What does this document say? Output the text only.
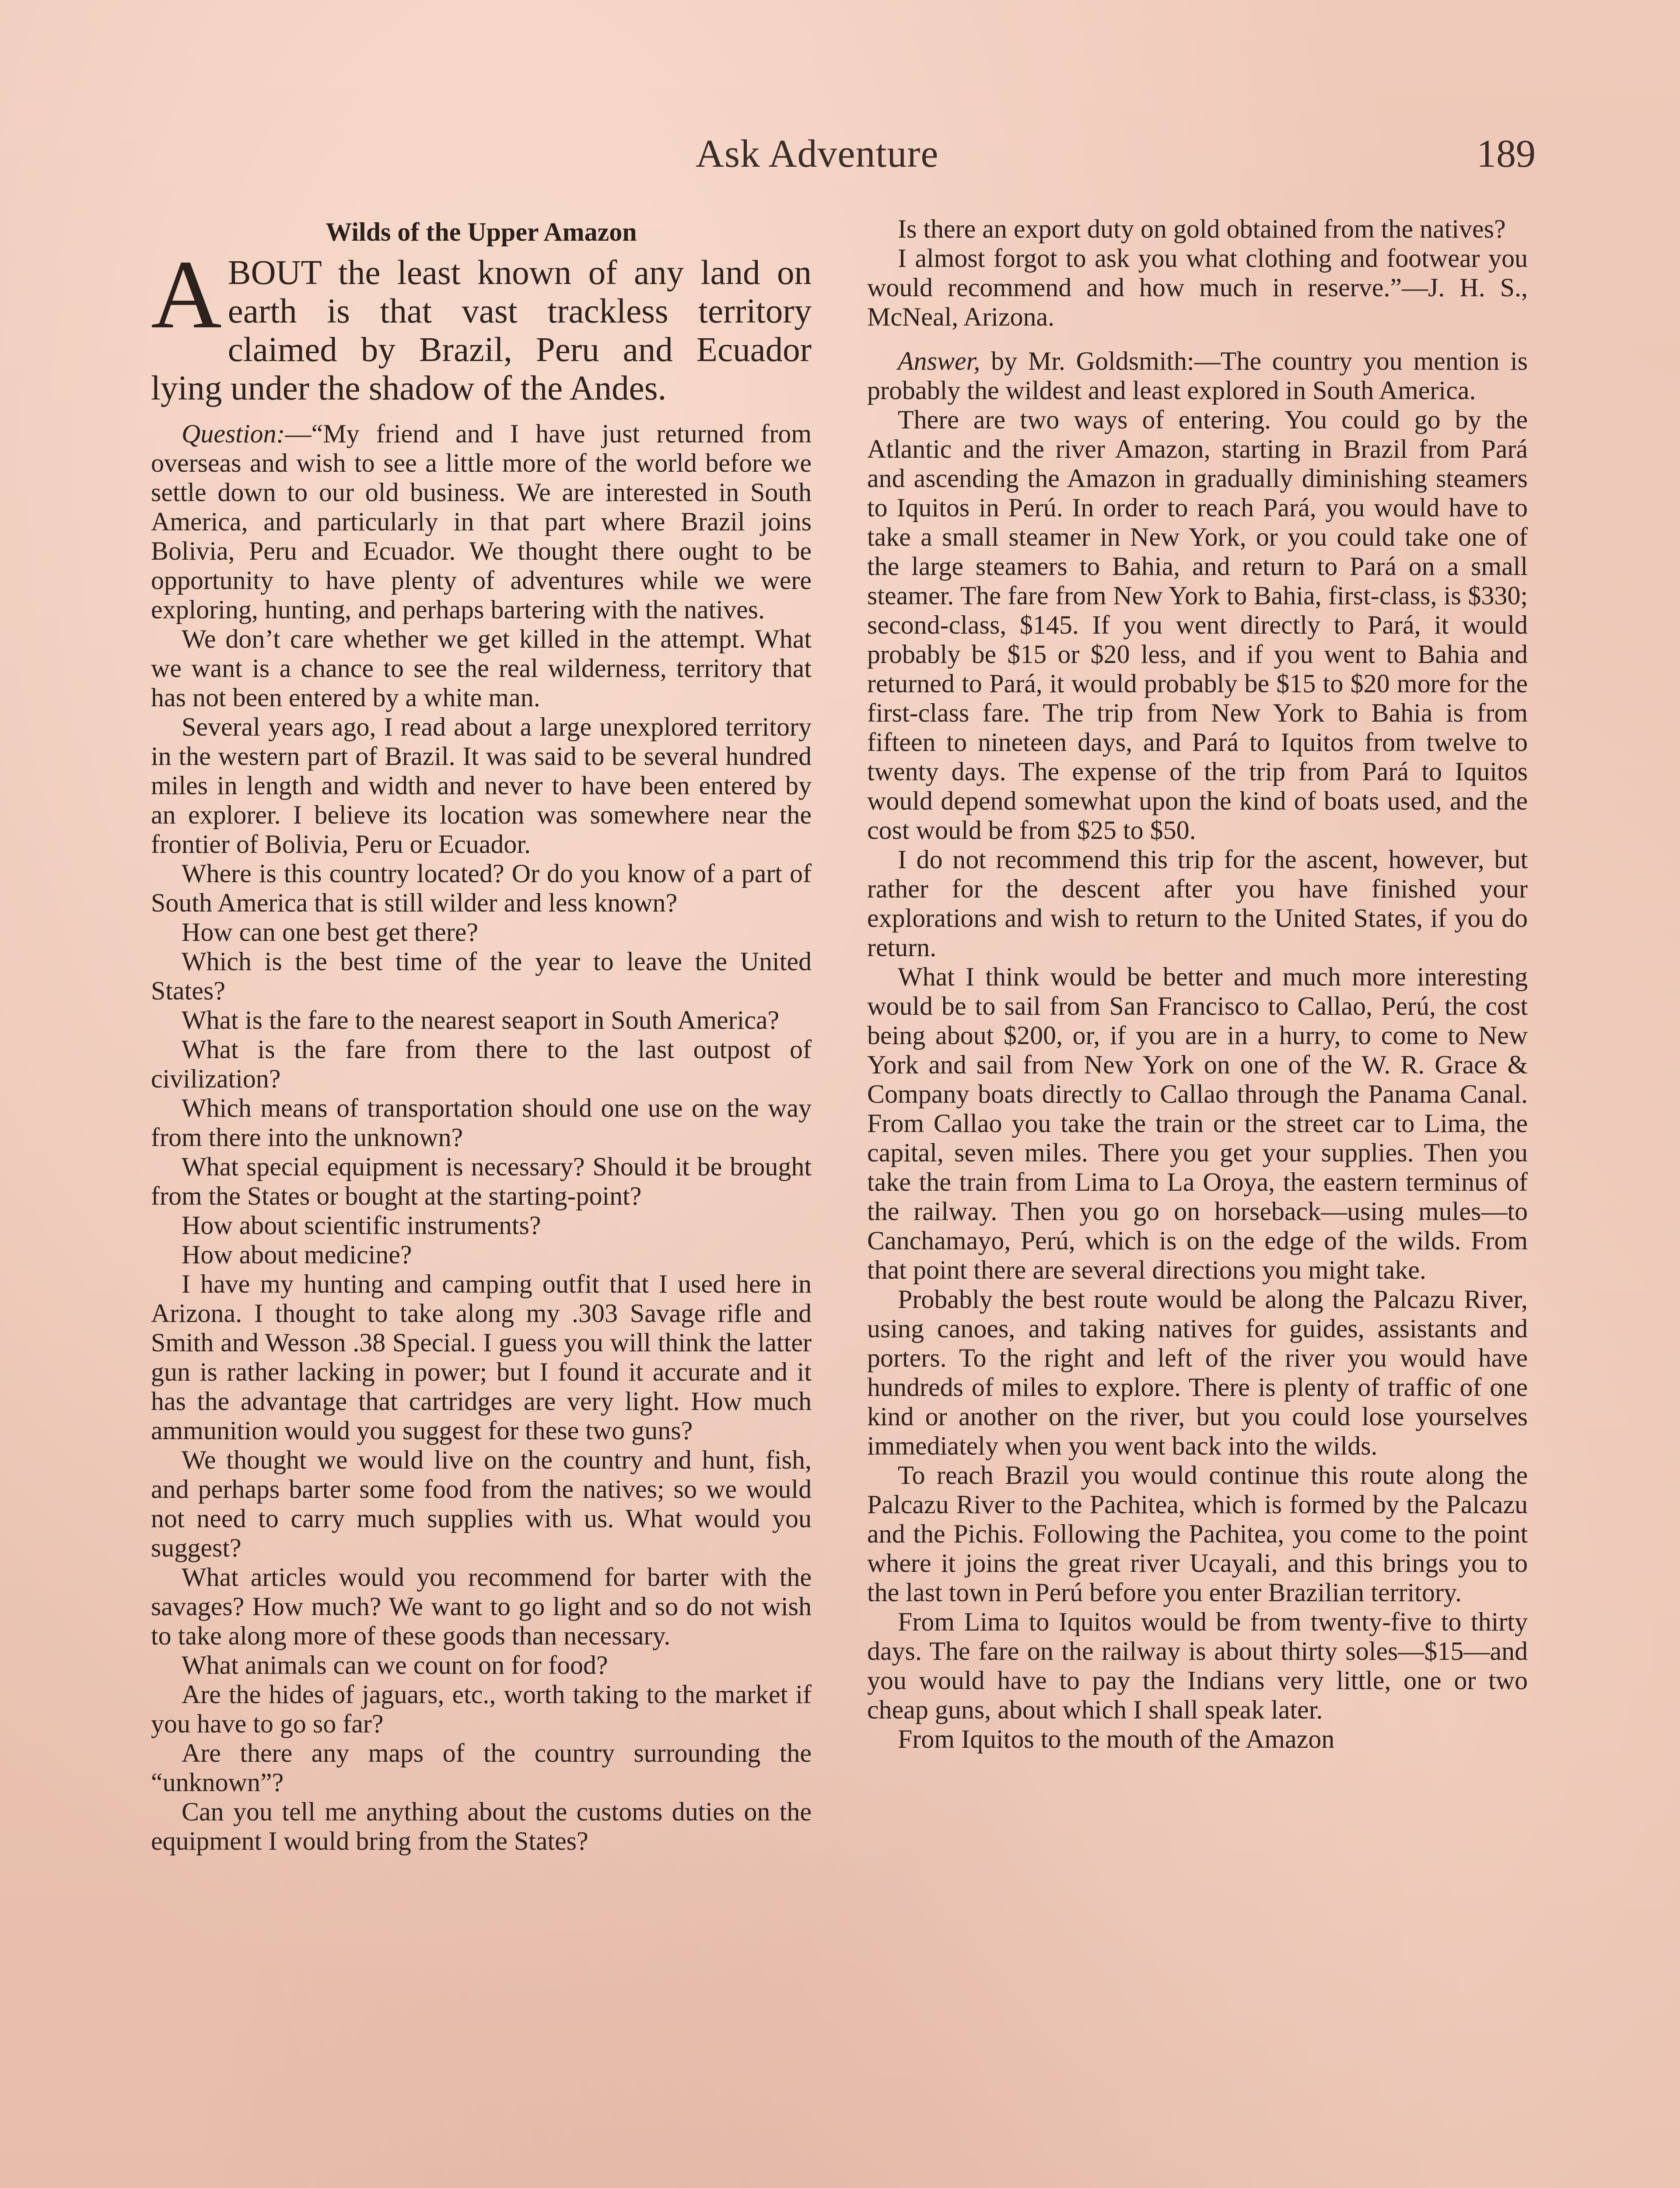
Ask Adventure	189
Wilds of the Upper Amazon

ABOUT the least known of any land on earth is that vast trackless territory claimed by Brazil, Peru and Ecuador lying under the shadow of the Andes.

Question:—“My friend and I have just returned from overseas and wish to see a little more of the world before we settle down to our old business. We are interested in South America, and particularly in that part where Brazil joins Bolivia, Peru and Ecuador. We thought there ought to be opportunity to have plenty of adventures while we were exploring, hunting, and perhaps bartering with the natives.

We don’t care whether we get killed in the attempt. What we want is a chance to see the real wilderness, territory that has not been entered by a white man.

Several years ago, I read about a large unexplored territory in the western part of Brazil. It was said to be several hundred miles in length and width and never to have been entered by an explorer. I believe its location was somewhere near the frontier of Bolivia, Peru or Ecuador.

Where is this country located? Or do you know of a part of South America that is still wilder and less known?

How can one best get there?

Which is the best time of the year to leave the United States?

What is the fare to the nearest seaport in South America?

What is the fare from there to the last outpost of civilization?

Which means of transportation should one use on the way from there into the unknown?

What special equipment is necessary? Should it be brought from the States or bought at the starting-point?

How about scientific instruments?

How about medicine?

I have my hunting and camping outfit that I used here in Arizona. I thought to take along my .303 Savage rifle and Smith and Wesson .38 Special. I guess you will think the latter gun is rather lacking in power; but I found it accurate and it has the advantage that cartridges are very light. How much ammunition would you suggest for these two guns?

We thought we would live on the country and hunt, fish, and perhaps barter some food from the natives; so we would not need to carry much supplies with us. What would you suggest?

What articles would you recommend for barter with the savages? How much? We want to go light and so do not wish to take along more of these goods than necessary.

What animals can we count on for food?

Are the hides of jaguars, etc., worth taking to the market if you have to go so far?

Are there any maps of the country surrounding the “unknown”?

Can you tell me anything about the customs duties on the equipment I would bring from the States?

Is there an export duty on gold obtained from the natives?

I almost forgot to ask you what clothing and footwear you would recommend and how much in reserve.”—J. H. S., McNeal, Arizona.

Answer, by Mr. Goldsmith:—The country you mention is probably the wildest and least explored in South America.

There are two ways of entering. You could go by the Atlantic and the river Amazon, starting in Brazil from Pará and ascending the Amazon in gradually diminishing steamers to Iquitos in Perú. In order to reach Pará, you would have to take a small steamer in New York, or you could take one of the large steamers to Bahia, and return to Pará on a small steamer. The fare from New York to Bahia, first-class, is $330; second-class, $145. If you went directly to Pará, it would probably be $15 or $20 less, and if you went to Bahia and returned to Pará, it would probably be $15 to $20 more for the first-class fare. The trip from New York to Bahia is from fifteen to nineteen days, and Pará to Iquitos from twelve to twenty days. The expense of the trip from Pará to Iquitos would depend somewhat upon the kind of boats used, and the cost would be from $25 to $50.

I do not recommend this trip for the ascent, however, but rather for the descent after you have finished your explorations and wish to return to the United States, if you do return.

What I think would be better and much more interesting would be to sail from San Francisco to Callao, Perú, the cost being about $200, or, if you are in a hurry, to come to New York and sail from New York on one of the W. R. Grace & Company boats directly to Callao through the Panama Canal. From Callao you take the train or the street car to Lima, the capital, seven miles. There you get your supplies. Then you take the train from Lima to La Oroya, the eastern terminus of the railway. Then you go on horseback—using mules—to Canchamayo, Perú, which is on the edge of the wilds. From that point there are several directions you might take.

Probably the best route would be along the Palcazu River, using canoes, and taking natives for guides, assistants and porters. To the right and left of the river you would have hundreds of miles to explore. There is plenty of traffic of one kind or another on the river, but you could lose yourselves immediately when you went back into the wilds.

To reach Brazil you would continue this route along the Palcazu River to the Pachitea, which is formed by the Palcazu and the Pichis. Following the Pachitea, you come to the point where it joins the great river Ucayali, and this brings you to the last town in Perú before you enter Brazilian territory.

From Lima to Iquitos would be from twenty-five to thirty days. The fare on the railway is about thirty soles—$15—and you would have to pay the Indians very little, one or two cheap guns, about which I shall speak later.

From Iquitos to the mouth of the Amazon
